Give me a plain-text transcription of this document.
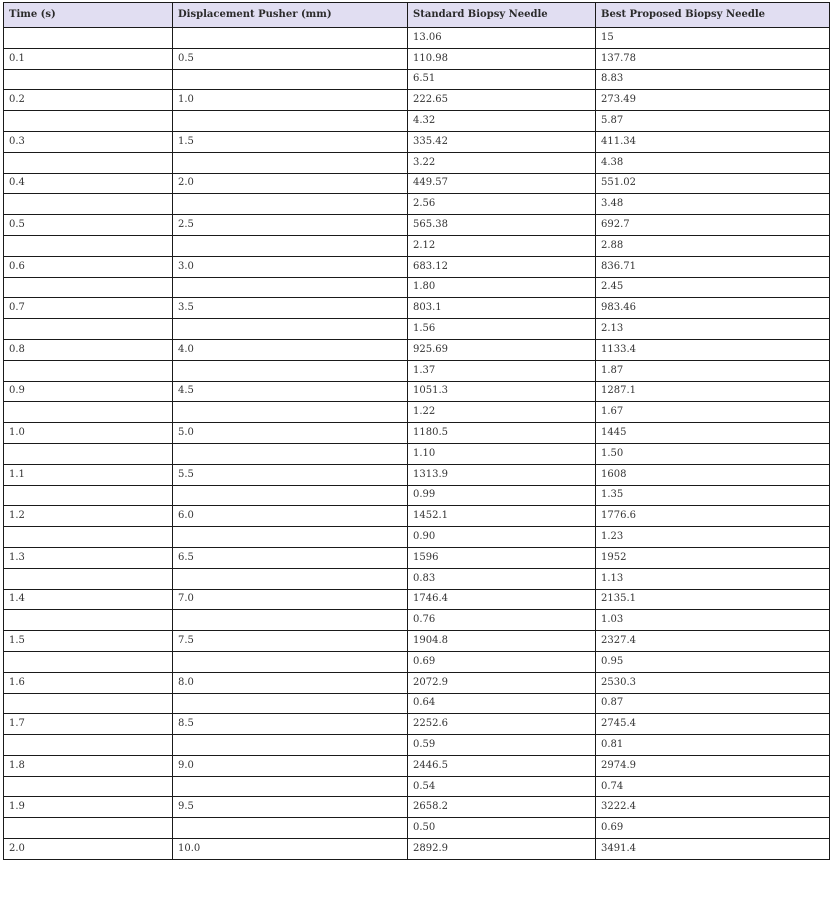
Time (s)	Displacement Pusher (mm)	Standard Biopsy Needle	Best Proposed Biopsy Needle
		13.06	15
0.1	0.5	110.98	137.78
		6.51	8.83
0.2	1.0	222.65	273.49
		4.32	5.87
0.3	1.5	335.42	411.34
		3.22	4.38
0.4	2.0	449.57	551.02
		2.56	3.48
0.5	2.5	565.38	692.7
		2.12	2.88
0.6	3.0	683.12	836.71
		1.80	2.45
0.7	3.5	803.1	983.46
		1.56	2.13
0.8	4.0	925.69	1133.4
		1.37	1.87
0.9	4.5	1051.3	1287.1
		1.22	1.67
1.0	5.0	1180.5	1445
		1.10	1.50
1.1	5.5	1313.9	1608
		0.99	1.35
1.2	6.0	1452.1	1776.6
		0.90	1.23
1.3	6.5	1596	1952
		0.83	1.13
1.4	7.0	1746.4	2135.1
		0.76	1.03
1.5	7.5	1904.8	2327.4
		0.69	0.95
1.6	8.0	2072.9	2530.3
		0.64	0.87
1.7	8.5	2252.6	2745.4
		0.59	0.81
1.8	9.0	2446.5	2974.9
		0.54	0.74
1.9	9.5	2658.2	3222.4
		0.50	0.69
2.0	10.0	2892.9	3491.4
